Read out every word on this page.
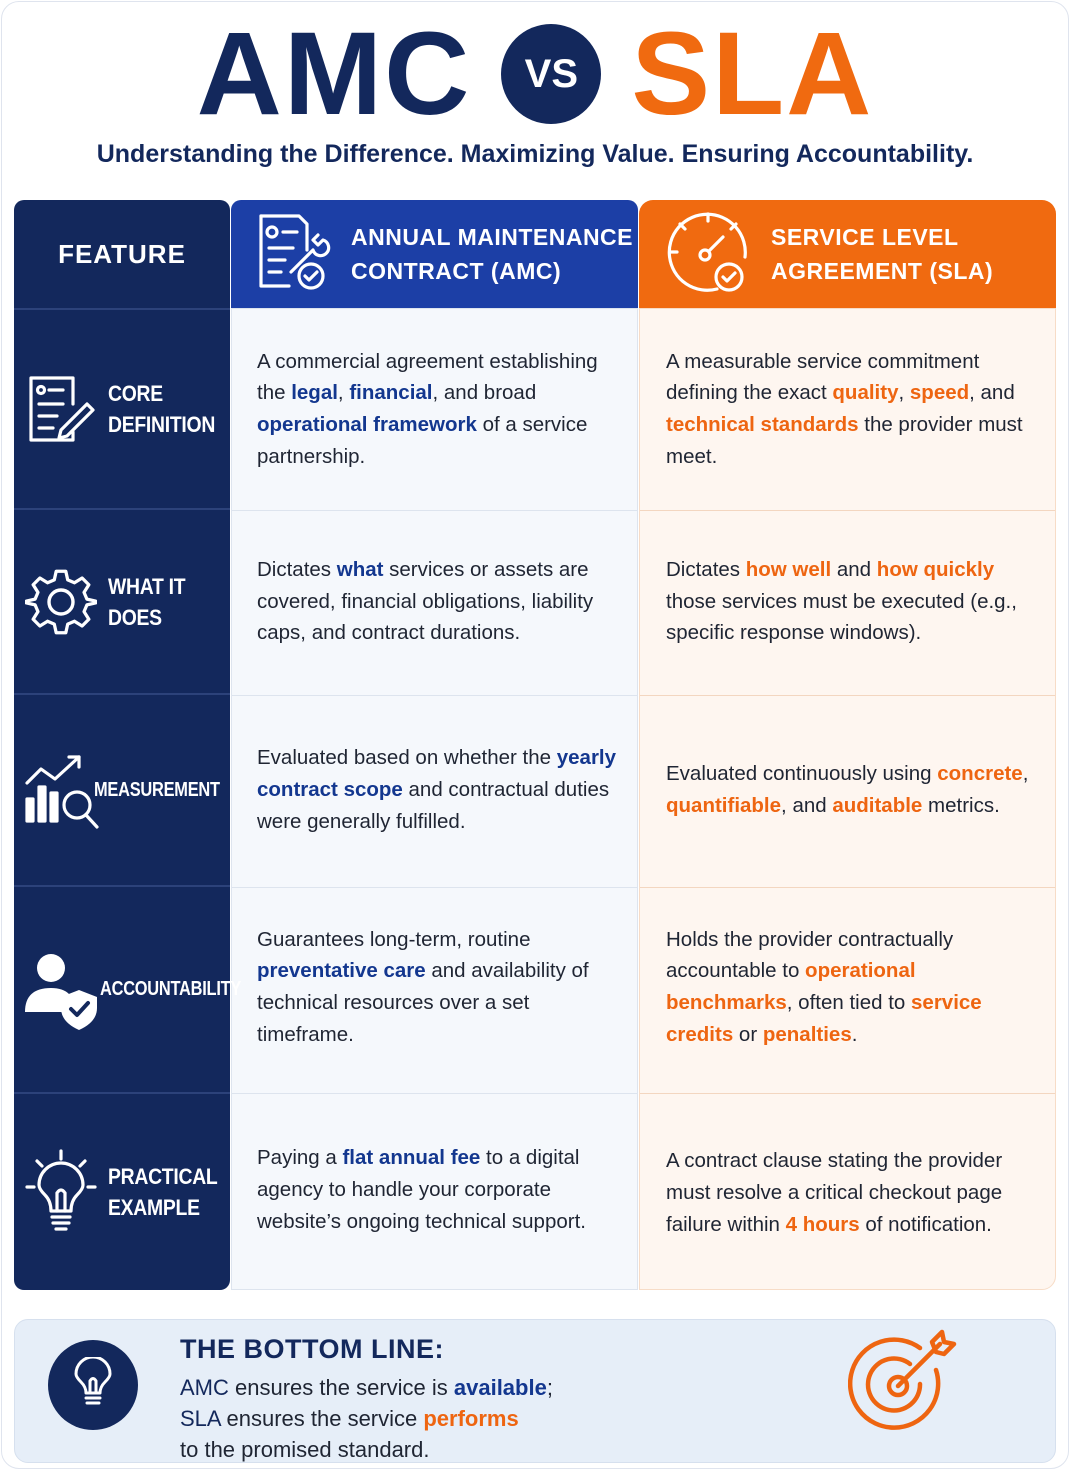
AMC	VS SLA
Understanding the Difference. Maximizing Value. Ensuring Accountability.
FEATURE
ANNUAL MAINTENANCE
CONTRACT (AMC)
SERVICE LEVEL
AGREEMENT (SLA)
CORE
DEFINITION
A commercial agreement establishing the legal, financial, and broad operational framework of a service partnership.
A measurable service commitment defining the exact quality, speed, and technical standards the provider must meet.
WHAT IT
DOES
Dictates what services or assets are covered, financial obligations, liability caps, and contract durations.
Dictates how well and how quickly those services must be executed (e.g., specific response windows).
MEASUREMENT
Evaluated based on whether the yearly contract scope and contractual duties were generally fulfilled.
Evaluated continuously using concrete, quantifiable, and auditable metrics.
ACCOUNTABILITY
Guarantees long-term, routine preventative care and availability of technical resources over a set timeframe.
Holds the provider contractually accountable to operational benchmarks, often tied to service credits or penalties.
PRACTICAL
EXAMPLE
Paying a flat annual fee to a digital agency to handle your corporate website’s ongoing technical support.
A contract clause stating the provider must resolve a critical checkout page failure within 4 hours of notification.
THE BOTTOM LINE:
AMC ensures the service is available;
SLA ensures the service performs
to the promised standard.
